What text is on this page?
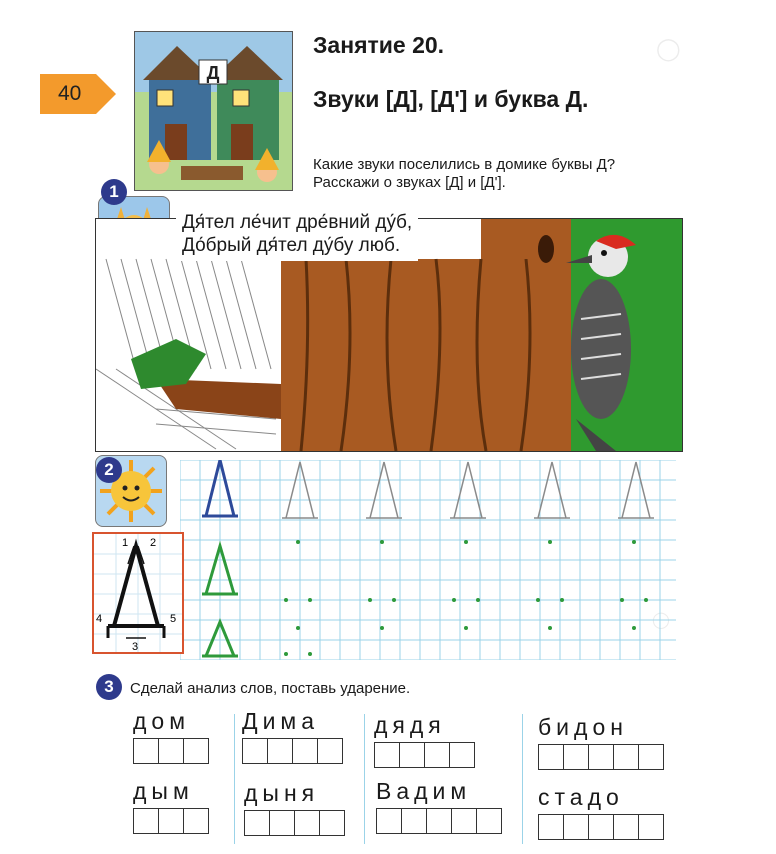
◯
◯
40
Д
Занятие 20.
Звуки [Д], [Д'] и буква Д.
Какие звуки поселились в домике буквы Д?
Расскажи о звуках [Д] и [Д'].
1
Дя́тел ле́чит дре́вний ду́б,
До́брый дя́тел ду́бу люб.
2
1 2
3
4	5
3	Сделай анализ слов, поставь ударение.
дом Дима дядя	бидон
дым дыня Вадим	стадо
